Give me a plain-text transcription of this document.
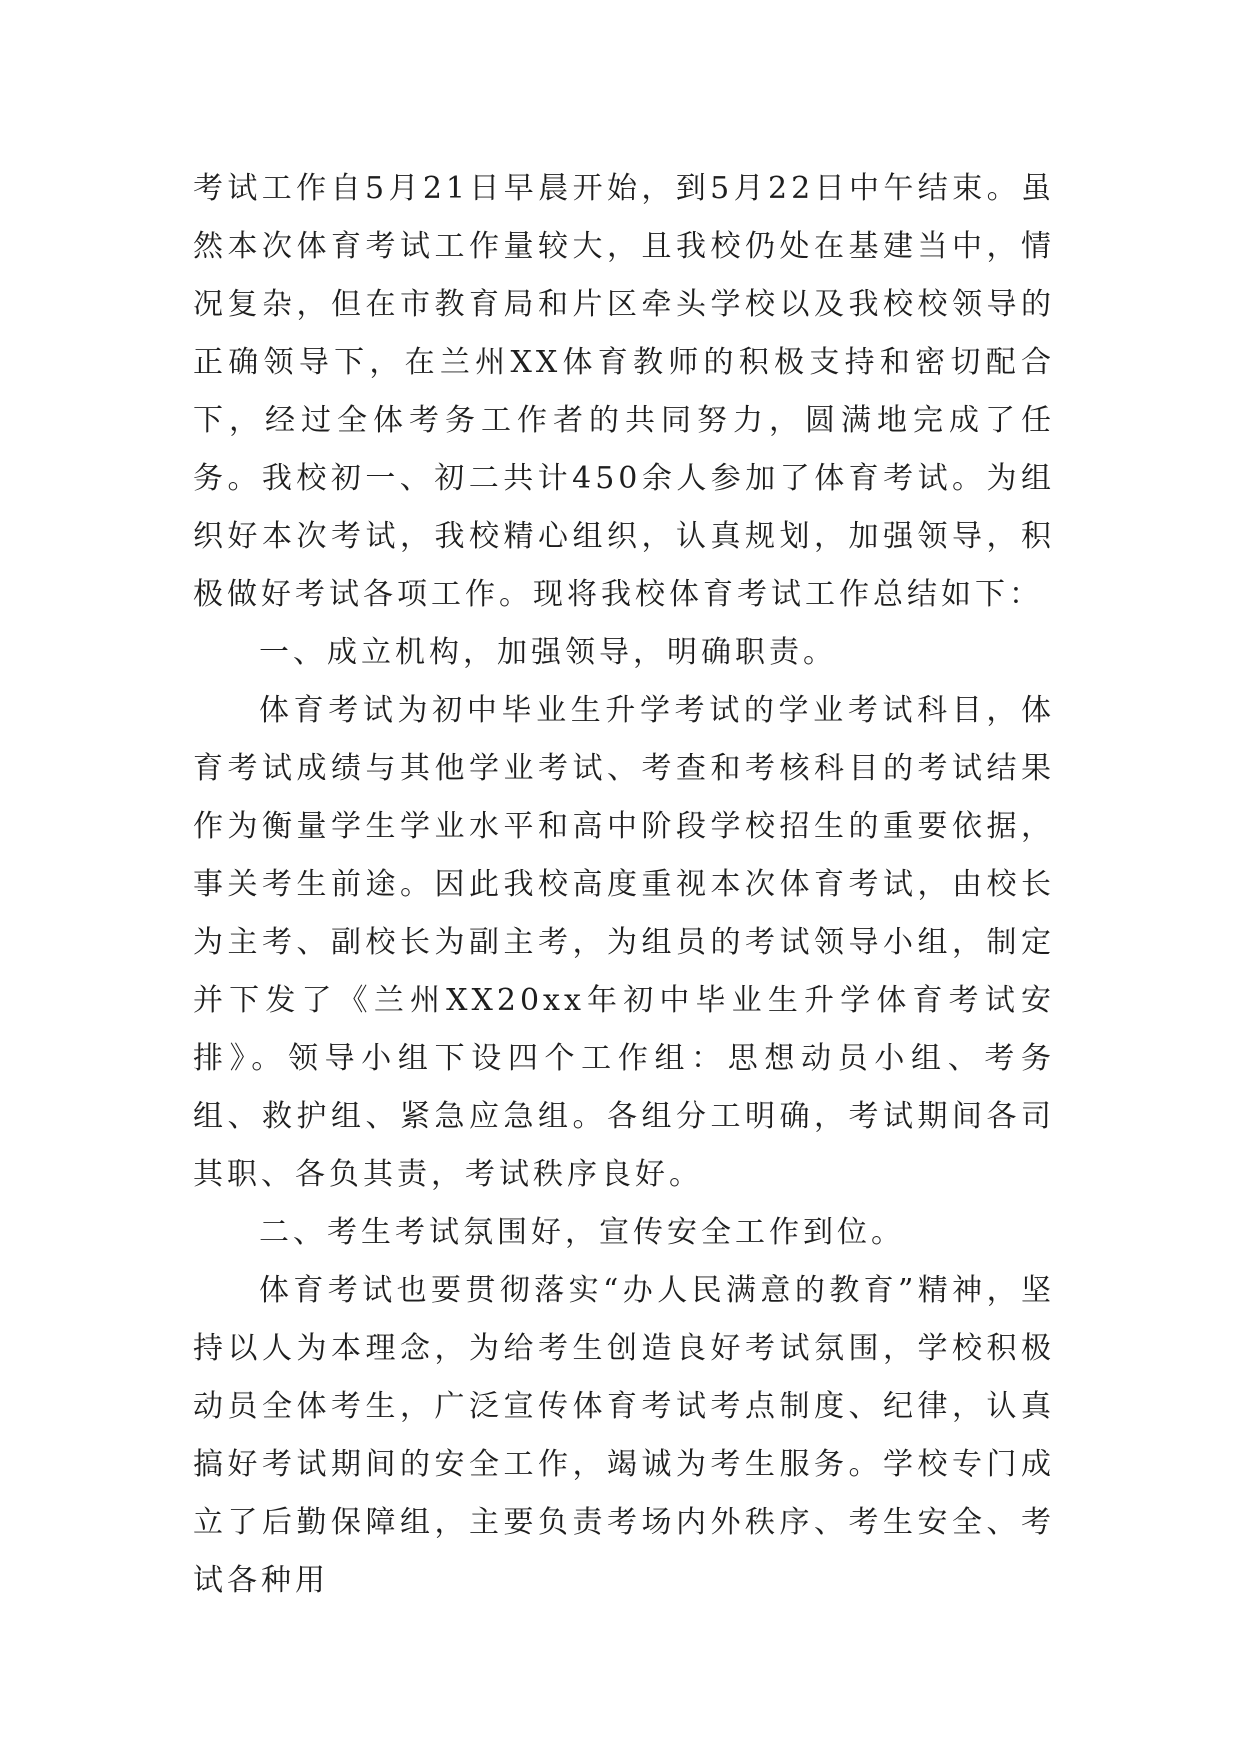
考试工作自5月21日早晨开始，到5月22日中午结束。虽然本次体育考试工作量较大，且我校仍处在基建当中，情况复杂，但在市教育局和片区牵头学校以及我校校领导的正确领导下，在兰州XX体育教师的积极支持和密切配合下，经过全体考务工作者的共同努力，圆满地完成了任务。我校初一、初二共计450余人参加了体育考试。为组织好本次考试，我校精心组织，认真规划，加强领导，积极做好考试各项工作。现将我校体育考试工作总结如下：

一、成立机构，加强领导，明确职责。

体育考试为初中毕业生升学考试的学业考试科目，体育考试成绩与其他学业考试、考查和考核科目的考试结果作为衡量学生学业水平和高中阶段学校招生的重要依据，事关考生前途。因此我校高度重视本次体育考试，由校长为主考、副校长为副主考，为组员的考试领导小组，制定并下发了《兰州XX20xx年初中毕业生升学体育考试安排》。领导小组下设四个工作组：思想动员小组、考务组、救护组、紧急应急组。各组分工明确，考试期间各司其职、各负其责，考试秩序良好。

二、考生考试氛围好，宣传安全工作到位。

体育考试也要贯彻落实“办人民满意的教育”精神，坚持以人为本理念，为给考生创造良好考试氛围，学校积极动员全体考生，广泛宣传体育考试考点制度、纪律，认真搞好考试期间的安全工作，竭诚为考生服务。学校专门成立了后勤保障组，主要负责考场内外秩序、考生安全、考试各种用
